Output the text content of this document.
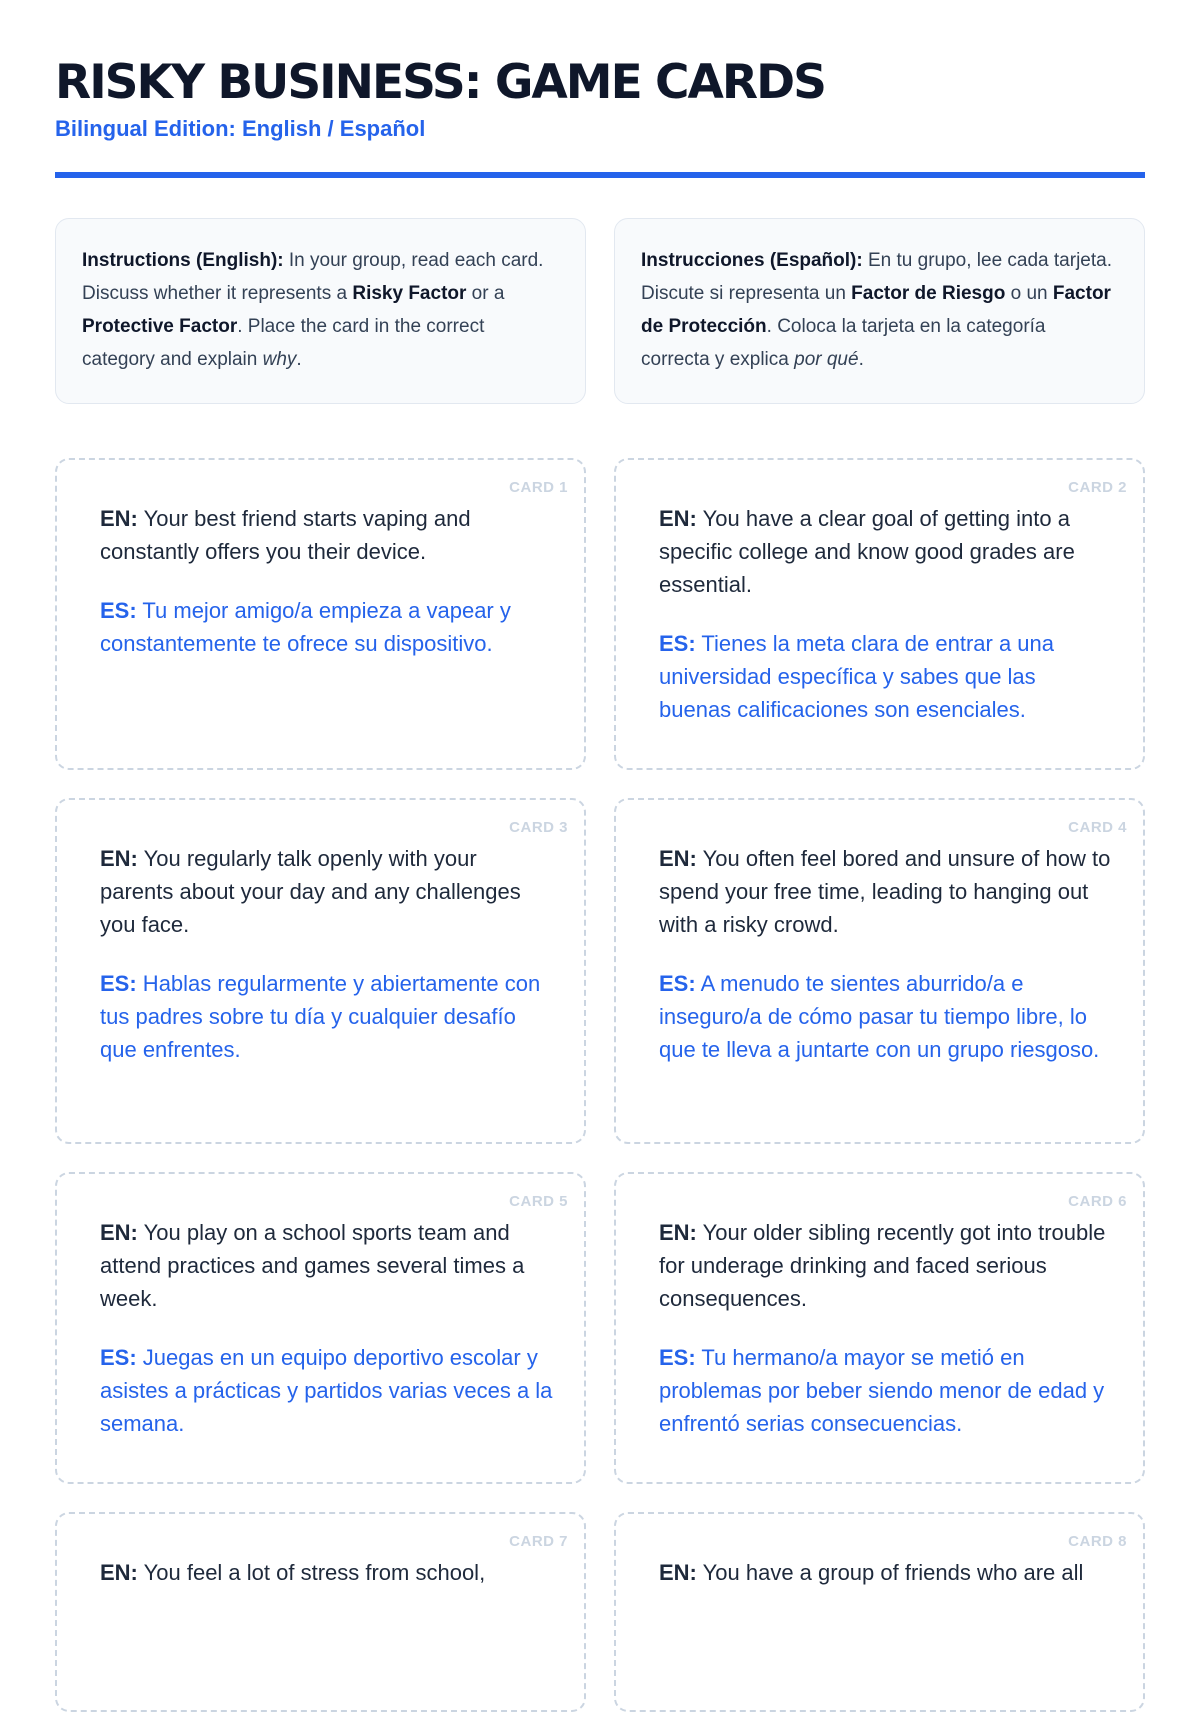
RISKY BUSINESS: GAME CARDS
Bilingual Edition: English / Español
Instructions (English): In your group, read each card. Discuss whether it represents a Risky Factor or a Protective Factor. Place the card in the correct category and explain why.
Instrucciones (Español): En tu grupo, lee cada tarjeta. Discute si representa un Factor de Riesgo o un Factor de Protección. Coloca la tarjeta en la categoría correcta y explica por qué.
CARD 1

EN: Your best friend starts vaping and constantly offers you their device.

ES: Tu mejor amigo/a empieza a vapear y constantemente te ofrece su dispositivo.

CARD 2

EN: You have a clear goal of getting into a specific college and know good grades are essential.

ES: Tienes la meta clara de entrar a una universidad específica y sabes que las buenas calificaciones son esenciales.

CARD 3

EN: You regularly talk openly with your parents about your day and any challenges you face.

ES: Hablas regularmente y abiertamente con tus padres sobre tu día y cualquier desafío que enfrentes.

CARD 4

EN: You often feel bored and unsure of how to spend your free time, leading to hanging out with a risky crowd.

ES: A menudo te sientes aburrido/a e inseguro/a de cómo pasar tu tiempo libre, lo que te lleva a juntarte con un grupo riesgoso.

CARD 5

EN: You play on a school sports team and attend practices and games several times a week.

ES: Juegas en un equipo deportivo escolar y asistes a prácticas y partidos varias veces a la semana.

CARD 6

EN: Your older sibling recently got into trouble for underage drinking and faced serious consequences.

ES: Tu hermano/a mayor se metió en problemas por beber siendo menor de edad y enfrentó serias consecuencias.

CARD 7

EN: You feel a lot of stress from school,

CARD 8

EN: You have a group of friends who are all
